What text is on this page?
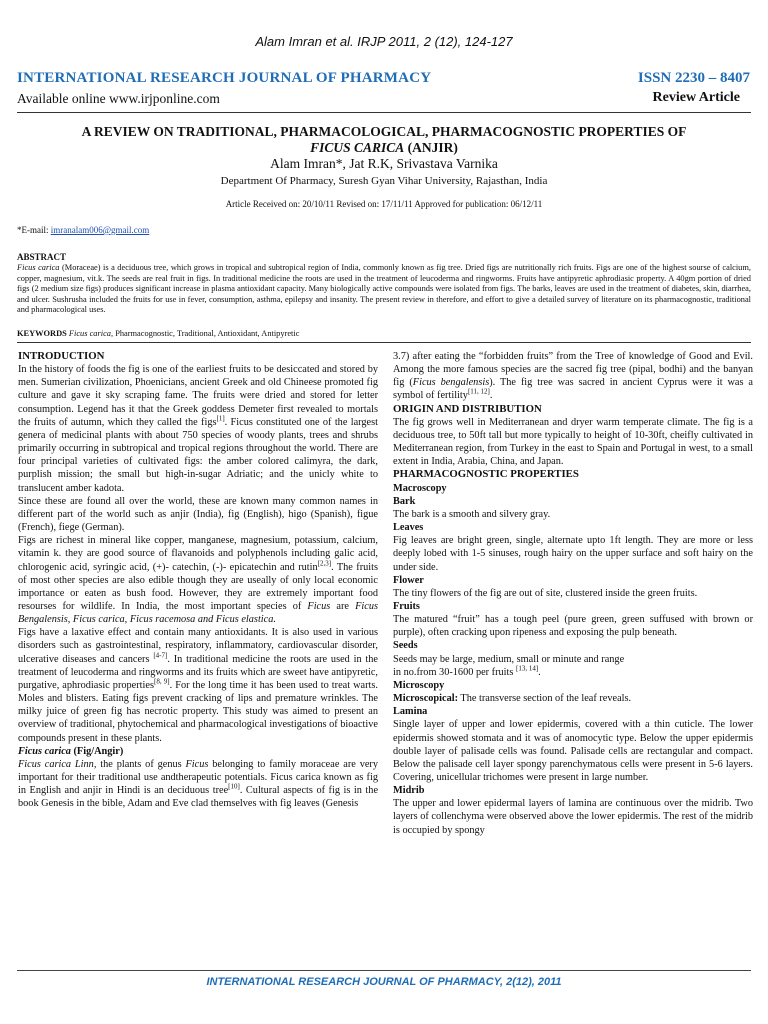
Alam Imran et al. IRJP 2011, 2 (12), 124-127
INTERNATIONAL RESEARCH JOURNAL OF PHARMACY	ISSN 2230 – 8407
Available online www.irjponline.com	Review Article
A REVIEW ON TRADITIONAL, PHARMACOLOGICAL, PHARMACOGNOSTIC PROPERTIES OF
FICUS CARICA (ANJIR)
Alam Imran*, Jat R.K, Srivastava Varnika
Department Of Pharmacy, Suresh Gyan Vihar University, Rajasthan, India
Article Received on: 20/10/11 Revised on: 17/11/11 Approved for publication: 06/12/11
*E-mail: imranalam006@gmail.com
ABSTRACT
Ficus carica (Moraceae) is a deciduous tree, which grows in tropical and subtropical region of India, commonly known as fig tree. Dried figs are nutritionally rich fruits. Figs are one of the highest sourse of calcium, copper, magnesium, vit.k. The seeds are real fruit in figs. In traditional medicine the roots are used in the treatment of leucoderma and ringworms. Fruits have antipyretic aphrodiasic property. A 40gm portion of dried figs (2 medium size figs) produces significant increase in plasma antioxidant capacity. Many biologically active compounds were isolated from figs. The barks, leaves are used in the treatment of diabetes, skin, diarrhea, and ulcer. Sushrusha included the fruits for use in fever, consumption, asthma, epilepsy and insanity. The present review in therefore, and effort to give a detailed survey of literature on its pharmacognostic, traditional and pharmacological uses.
KEYWORDS Ficus carica, Pharmacognostic, Traditional, Antioxidant, Antipyretic
INTRODUCTION

In the history of foods the fig is one of the earliest fruits to be desiccated and stored by men. Sumerian civilization, Phoenicians, ancient Greek and old Chineese promoted fig culture and gave it sky scraping fame. The fruits were dried and stored for letter consumption. Legend has it that the Greek goddess Demeter first revealed to mortals the fruits of autumn, which they called the figs[1]. Ficus constituted one of the largest genera of medicinal plants with about 750 species of woody plants, trees and shrubs primarily occurring in subtropical and tropical regions throughout the world. There are four principal varieties of cultivated figs: the amber colored calimyra, the dark, purplish mission; the small but high-in-sugar Adriatic; and the unicly white to translucent amber kadota.

Since these are found all over the world, these are known many common names in different part of the world such as anjir (India), fig (English), higo (Spanish), figue (French), fiege (German).

Figs are richest in mineral like copper, manganese, magnesium, potassium, calcium, vitamin k. they are good source of flavanoids and polyphenols including galic acid, chlorogenic acid, syringic acid, (+)- catechin, (-)- epicatechin and rutin[2,3]. The fruits of most other species are also edible though they are useally of only local economic importance or eaten as bush food. However, they are extremely important food resourses for wildlife. In India, the most important species of Ficus are Ficus Bengalensis, Ficus carica, Ficus racemosa and Ficus elastica.

Figs have a laxative effect and contain many antioxidants. It is also used in various disorders such as gastrointestinal, respiratory, inflammatory, cardiovascular disorder, ulcerative diseases and cancers [4-7]. In traditional medicine the roots are used in the treatment of leucoderma and ringworms and its fruits which are sweet have antipyretic, purgative, aphrodiasic properties[8, 9]. For the long time it has been used to treat warts. Moles and blisters. Eating figs prevent cracking of lips and premature wrinkles. The milky juice of green fig has necrotic property. This study was aimed to present an overview of traditional, phytochemical and pharmacological investigations of bioactive compounds present in these plants.

Ficus carica (Fig/Angir)

Ficus carica Linn, the plants of genus Ficus belonging to family moraceae are very important for their traditional use andtherapeutic potentials. Ficus carica known as fig in English and anjir in Hindi is an deciduous tree[10]. Cultural aspects of fig is in the book Genesis in the bible, Adam and Eve clad themselves with fig leaves (Genesis

3.7) after eating the “forbidden fruits” from the Tree of knowledge of Good and Evil. Among the more famous species are the sacred fig tree (pipal, bodhi) and the banyan fig (Ficus bengalensis). The fig tree was sacred in ancient Cyprus were it was a symbol of fertility[11, 12].

ORIGIN AND DISTRIBUTION

The fig grows well in Mediterranean and dryer warm temperate climate. The fig is a deciduous tree, to 50ft tall but more typically to height of 10-30ft, cheifly cultivated in Mediterranean region, from Turkey in the east to Spain and Portugal in west, to a small extent in India, Arabia, China, and Japan.

PHARMACOGNOSTIC PROPERTIES
Macroscopy
Bark

The bark is a smooth and silvery gray.

Leaves

Fig leaves are bright green, single, alternate upto 1ft length. They are more or less deeply lobed with 1-5 sinuses, rough hairy on the upper surface and soft hairy on the under side.

Flower

The tiny flowers of the fig are out of site, clustered inside the green fruits.

Fruits

The matured “fruit” has a tough peel (pure green, green suffused with brown or purple), often cracking upon ripeness and exposing the pulp beneath.

Seeds

Seeds may be large, medium, small or minute and range
in no.from 30-1600 per fruits [13, 14].

Microscopy

Microscopical: The transverse section of the leaf reveals.

Lamina

Single layer of upper and lower epidermis, covered with a thin cuticle. The lower epidermis showed stomata and it was of anomocytic type. Below the upper epidermis double layer of palisade cells was found. Palisade cells are rectangular and compact. Below the palisade cell layer spongy parenchymatous cells were present in 5-6 layers. Covering, unicellular trichomes were present in large number.

Midrib

The upper and lower epidermal layers of lamina are continuous over the midrib. Two layers of collenchyma were observed above the lower epidermis. The rest of the midrib is occupied by spongy

INTERNATIONAL RESEARCH JOURNAL OF PHARMACY, 2(12), 2011
